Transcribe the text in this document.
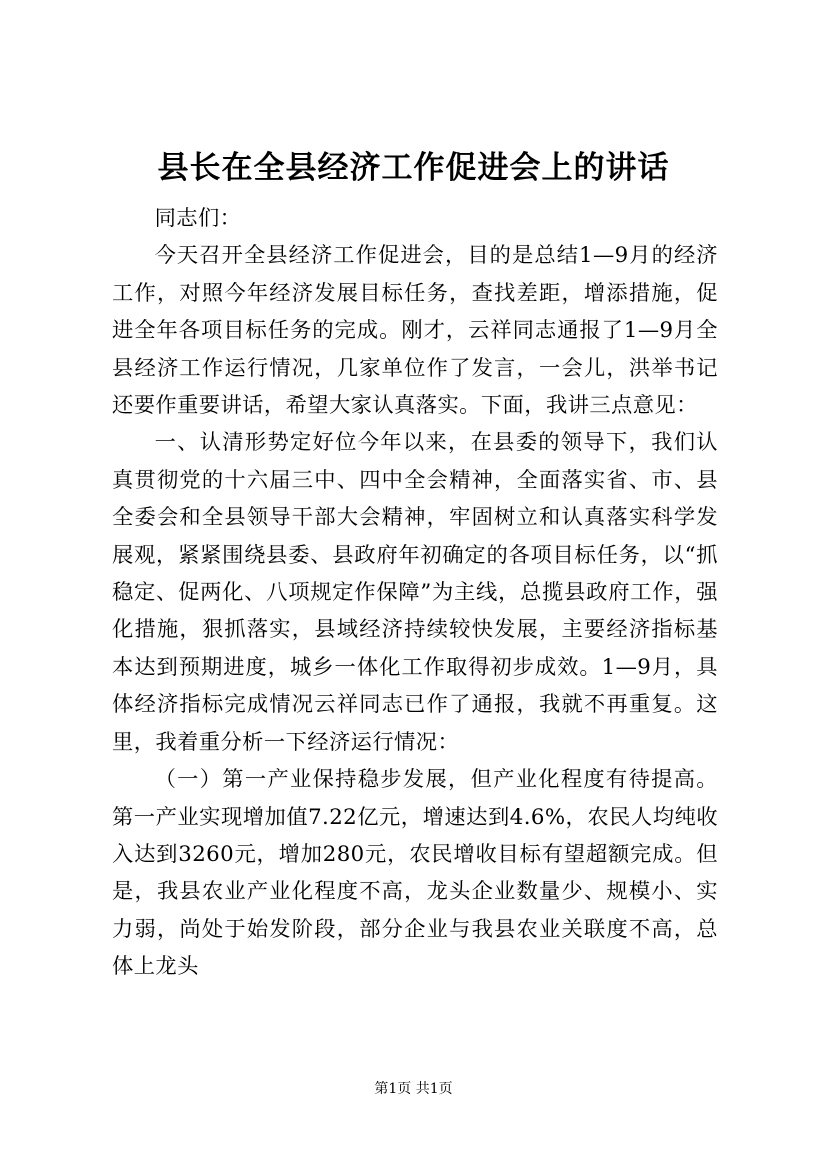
县长在全县经济工作促进会上的讲话

同志们：

今天召开全县经济工作促进会，目的是总结1—9月的经济工作，对照今年经济发展目标任务，查找差距，增添措施，促进全年各项目标任务的完成。刚才，云祥同志通报了1—9月全县经济工作运行情况，几家单位作了发言，一会儿，洪举书记还要作重要讲话，希望大家认真落实。下面，我讲三点意见：

一、认清形势定好位今年以来，在县委的领导下，我们认真贯彻党的十六届三中、四中全会精神，全面落实省、市、县全委会和全县领导干部大会精神，牢固树立和认真落实科学发展观，紧紧围绕县委、县政府年初确定的各项目标任务，以“抓稳定、促两化、八项规定作保障”为主线，总揽县政府工作，强化措施，狠抓落实，县域经济持续较快发展，主要经济指标基本达到预期进度，城乡一体化工作取得初步成效。1—9月，具体经济指标完成情况云祥同志已作了通报，我就不再重复。这里，我着重分析一下经济运行情况：

（一）第一产业保持稳步发展，但产业化程度有待提高。第一产业实现增加值7.22亿元，增速达到4.6%，农民人均纯收入达到3260元，增加280元，农民增收目标有望超额完成。但是，我县农业产业化程度不高，龙头企业数量少、规模小、实力弱，尚处于始发阶段，部分企业与我县农业关联度不高，总体上龙头

第1页 共1页
